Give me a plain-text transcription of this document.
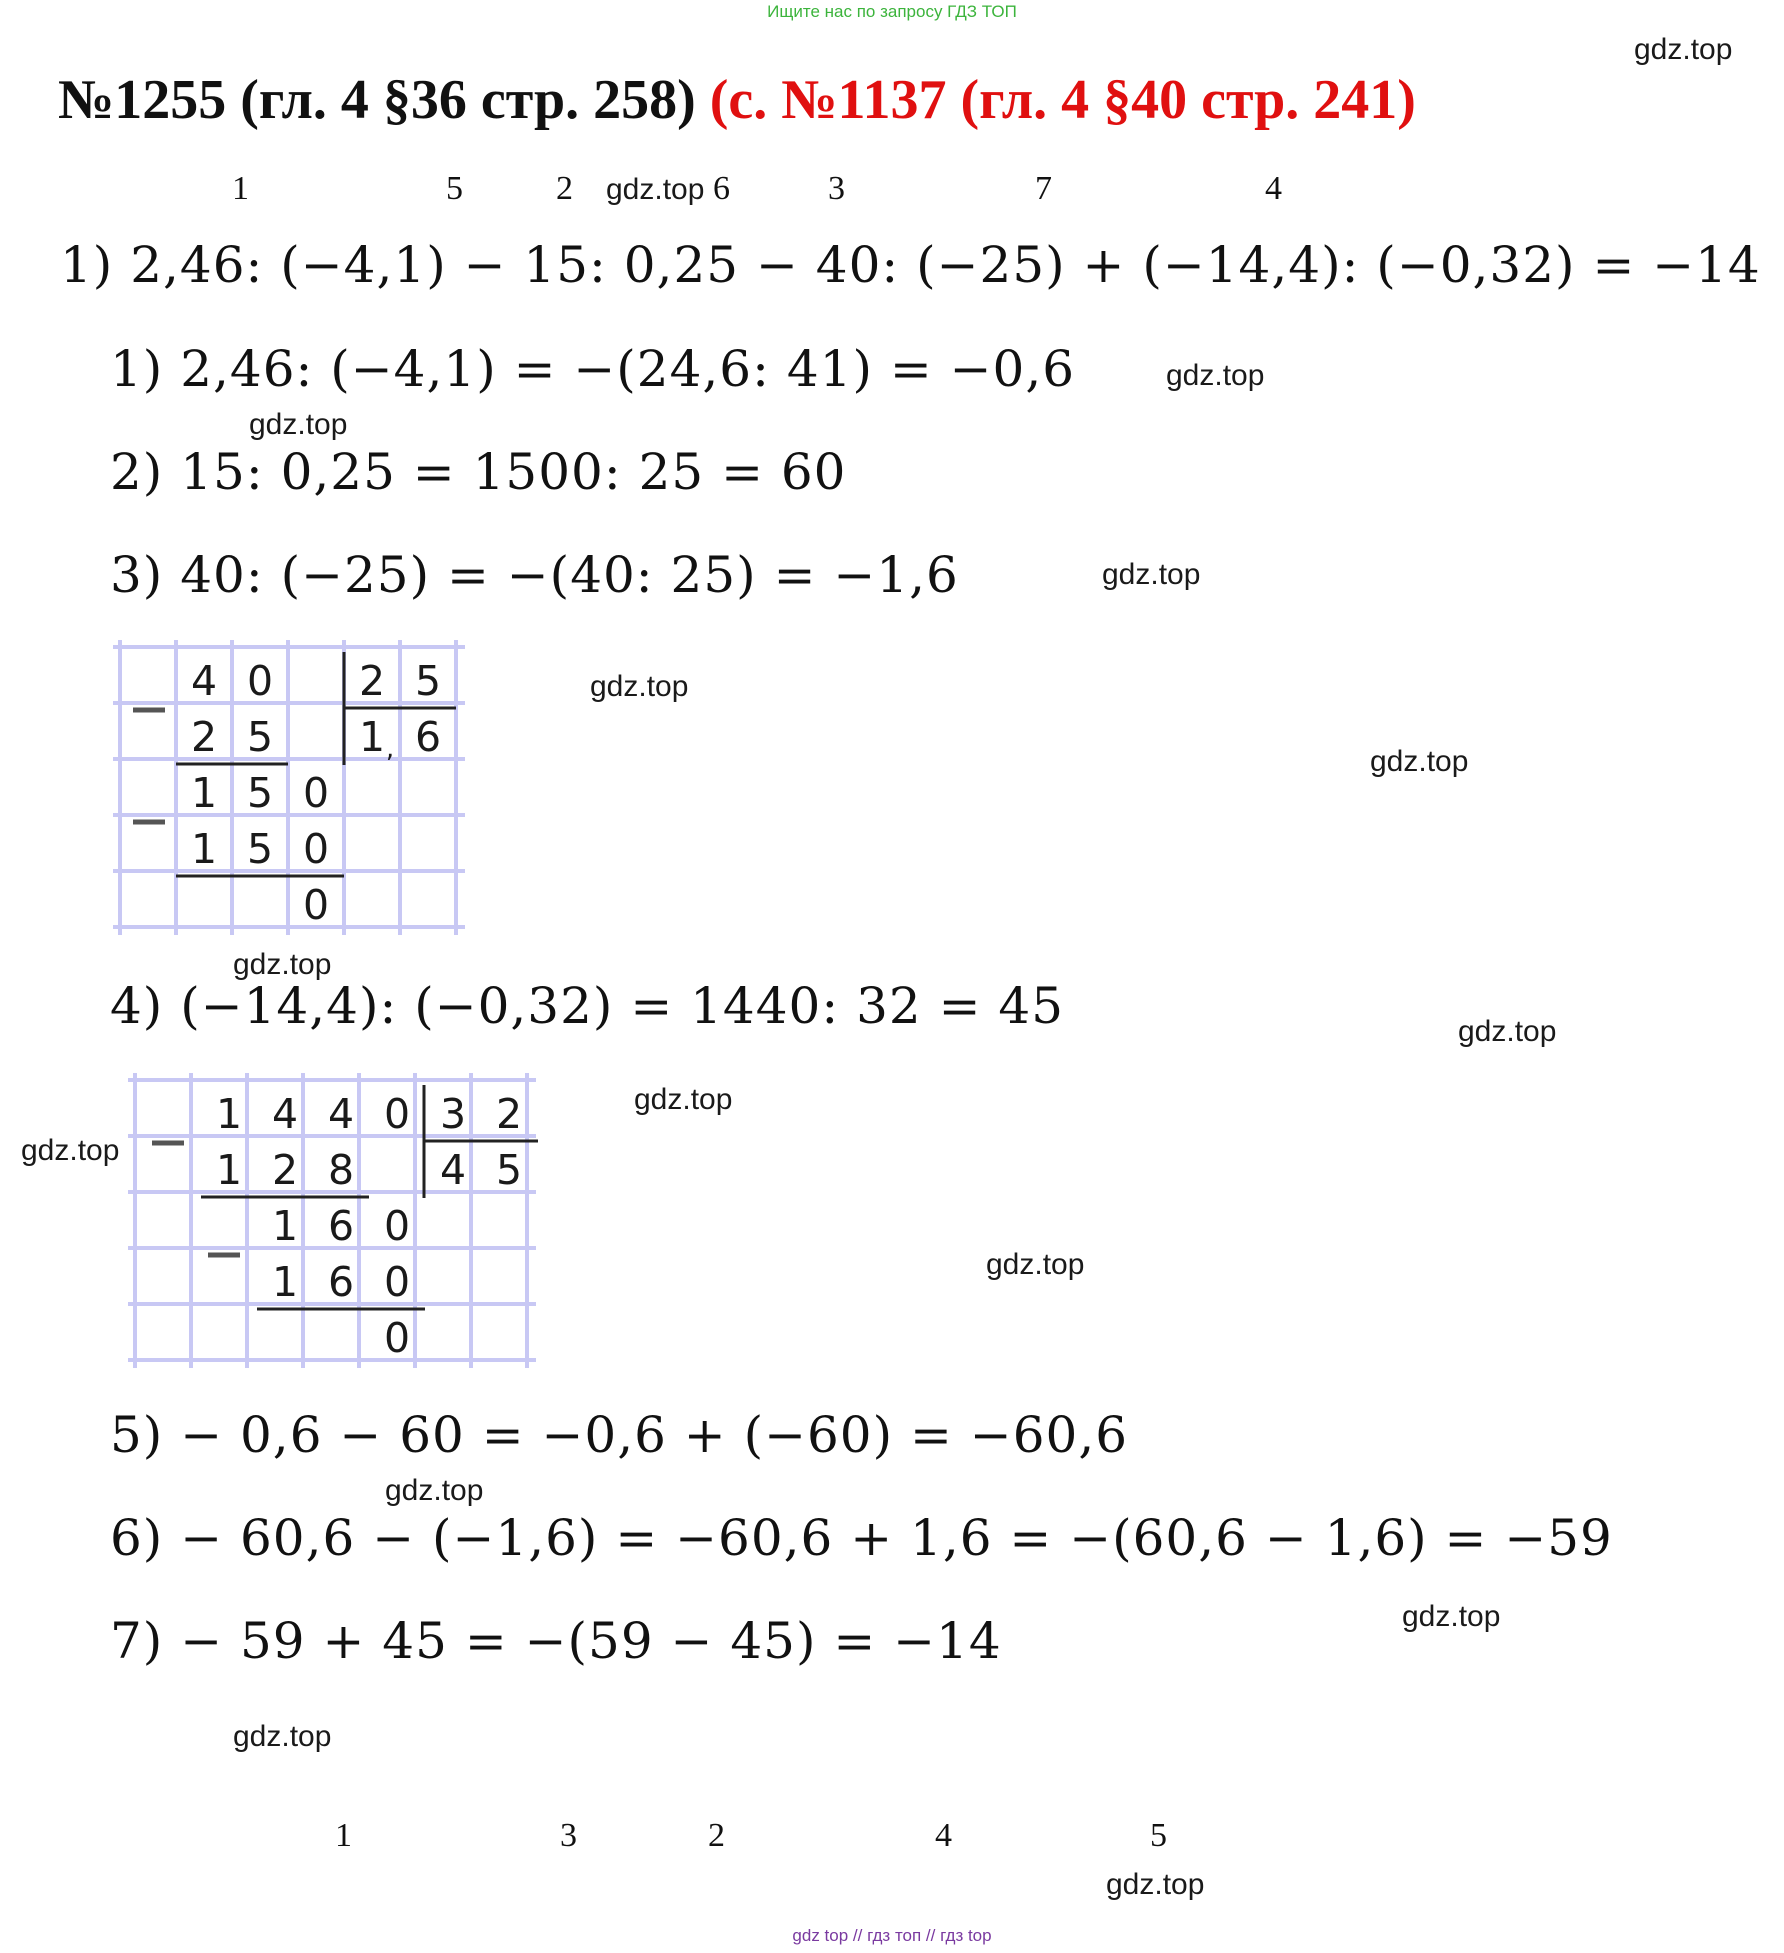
Ищите нас по запросу ГДЗ ТОП
gdz top // гдз топ // гдз top
№1255 (гл. 4 §36 стр. 258) (с. №1137 (гл. 4 §40 стр. 241)
1	5	2	6	3	7	4
1) 2,46: (−4,1) − 15: 0,25 − 40: (−25) + (−14,4): (−0,32) = −14
1) 2,46: (−4,1) = −(24,6: 41) = −0,6
2) 15: 0,25 = 1500: 25 = 60
3) 40: (−25) = −(40: 25) = −1,6
4) (−14,4): (−0,32) = 1440: 32 = 45
5) − 0,6 − 60 = −0,6 + (−60) = −60,6
6) − 60,6 − (−1,6) = −60,6 + 1,6 = −(60,6 − 1,6) = −59
7) − 59 + 45 = −(59 − 45) = −14
4 0 2 5
2 5 1 , 6
1 5 0
1 5 0
0
1 4 4 0 3 2
1 2 8 4 5
1 6 0
1 6 0
0
1	3	2	4	5
gdz.top
gdz.top
gdz.top
gdz.top
gdz.top
gdz.top
gdz.top
gdz.top
gdz.top
gdz.top
gdz.top
gdz.top
gdz.top
gdz.top
gdz.top
gdz.top
